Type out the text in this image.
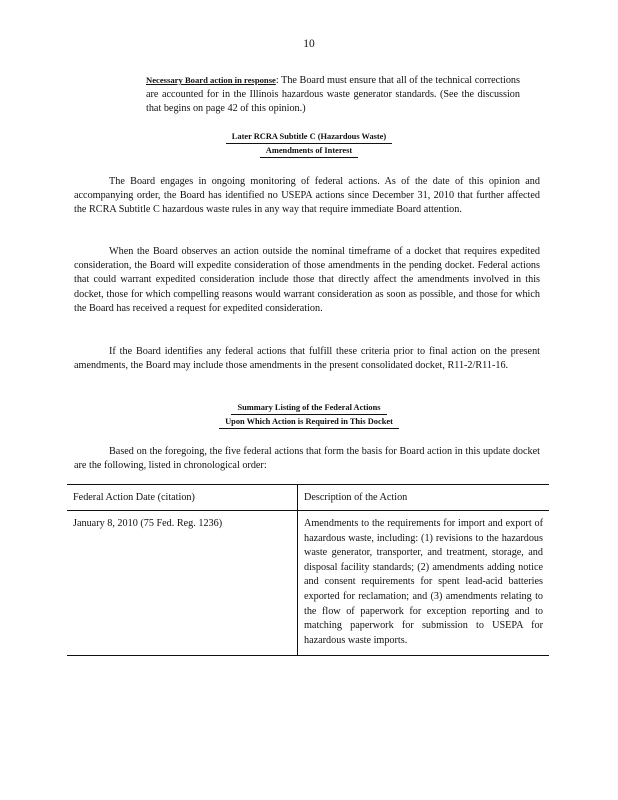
10

Necessary Board action in response: The Board must ensure that all of the technical corrections are accounted for in the Illinois hazardous waste generator standards. (See the discussion that begins on page 42 of this opinion.)

Later RCRA Subtitle C (Hazardous Waste)
Amendments of Interest

The Board engages in ongoing monitoring of federal actions. As of the date of this opinion and accompanying order, the Board has identified no USEPA actions since December 31, 2010 that further affected the RCRA Subtitle C hazardous waste rules in any way that require immediate Board attention.

When the Board observes an action outside the nominal timeframe of a docket that requires expedited consideration, the Board will expedite consideration of those amendments in the pending docket. Federal actions that could warrant expedited consideration include those that directly affect the amendments involved in this docket, those for which compelling reasons would warrant consideration as soon as possible, and those for which the Board has received a request for expedited consideration.

If the Board identifies any federal actions that fulfill these criteria prior to final action on the present amendments, the Board may include those amendments in the present consolidated docket, R11-2/R11-16.

Summary Listing of the Federal Actions
Upon Which Action is Required in This Docket

Based on the foregoing, the five federal actions that form the basis for Board action in this update docket are the following, listed in chronological order:

Federal Action Date (citation)	Description of the Action
January 8, 2010 (75 Fed. Reg. 1236)	Amendments to the requirements for import and export of hazardous waste, including: (1) revisions to the hazardous waste generator, transporter, and treatment, storage, and disposal facility standards; (2) amendments adding notice and consent requirements for spent lead-acid batteries exported for reclamation; and (3) amendments relating to the flow of paperwork for exception reporting and to matching paperwork for submission to USEPA for hazardous waste imports.
